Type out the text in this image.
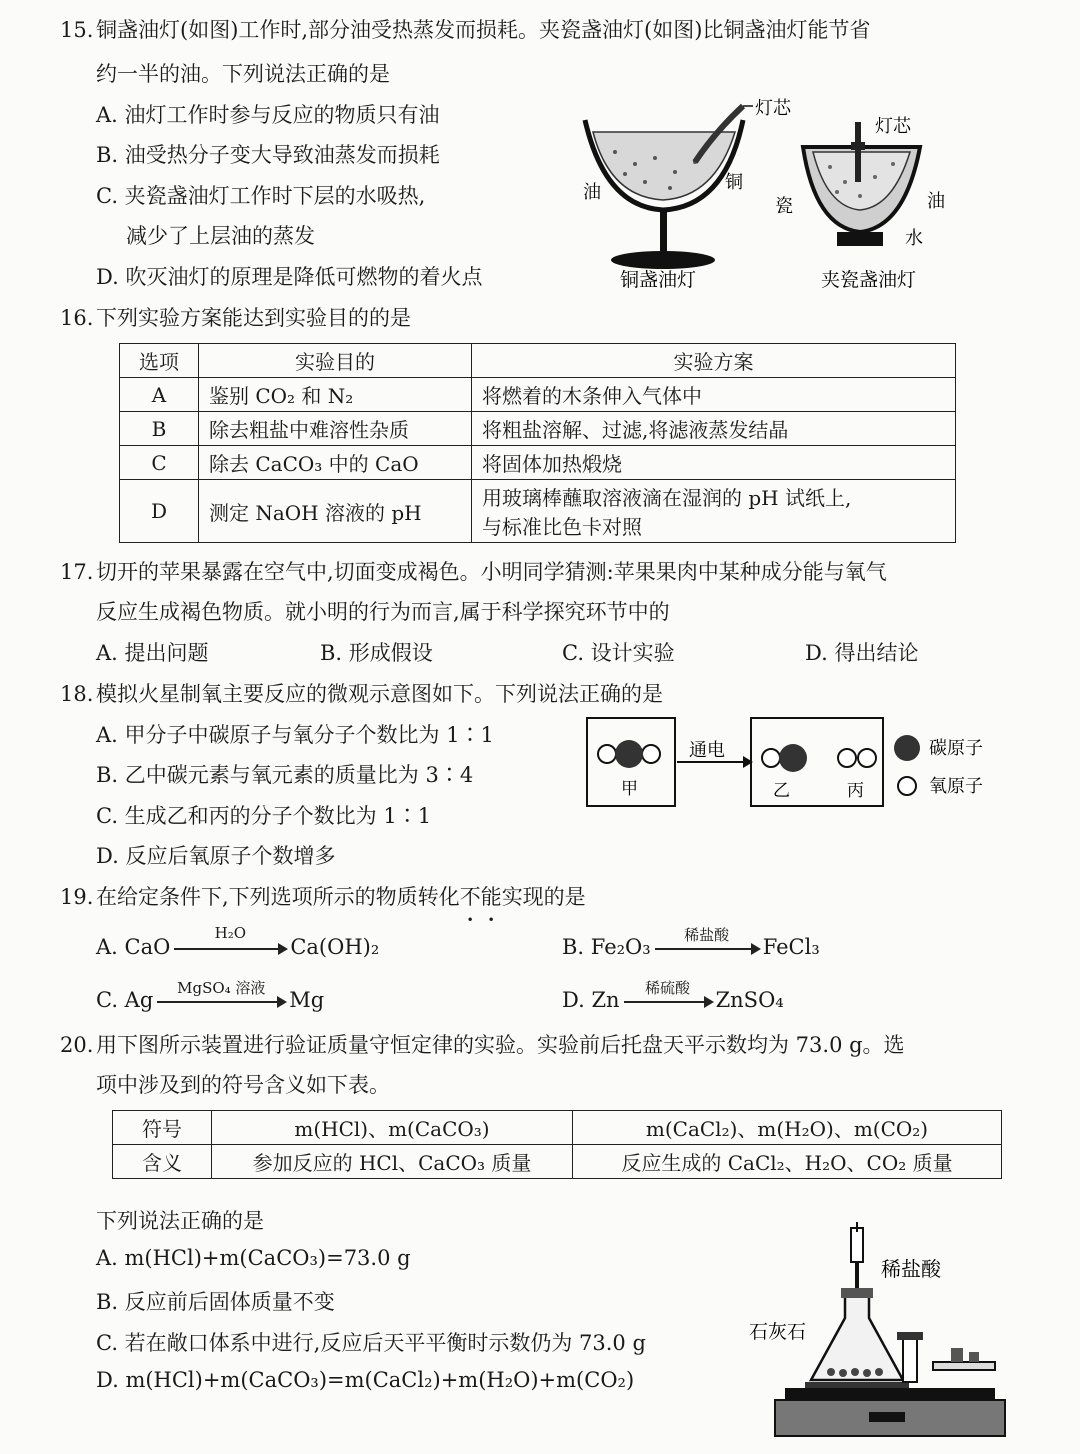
15. 铜盏油灯(如图)工作时,部分油受热蒸发而损耗。夹瓷盏油灯(如图)比铜盏油灯能节省
约一半的油。下列说法正确的是
A. 油灯工作时参与反应的物质只有油
B. 油受热分子变大导致油蒸发而损耗
C. 夹瓷盏油灯工作时下层的水吸热,
减少了上层油的蒸发
D. 吹灭油灯的原理是降低可燃物的着火点
灯芯
油	铜
铜盏油灯
灯芯
瓷	油
水
夹瓷盏油灯
16. 下列实验方案能达到实验目的的是
选项	实验目的	实验方案
A	鉴别 CO₂ 和 N₂	将燃着的木条伸入气体中
B	除去粗盐中难溶性杂质	将粗盐溶解、过滤,将滤液蒸发结晶
C	除去 CaCO₃ 中的 CaO	将固体加热煅烧
D	测定 NaOH 溶液的 pH	用玻璃棒蘸取溶液滴在湿润的 pH 试纸上,
与标准比色卡对照
17. 切开的苹果暴露在空气中,切面变成褐色。小明同学猜测:苹果果肉中某种成分能与氧气
反应生成褐色物质。就小明的行为而言,属于科学探究环节中的
A. 提出问题	B. 形成假设	C. 设计实验	D. 得出结论
18. 模拟火星制氧主要反应的微观示意图如下。下列说法正确的是
A. 甲分子中碳原子与氧分子个数比为 1∶1
B. 乙中碳元素与氧元素的质量比为 3∶4
C. 生成乙和丙的分子个数比为 1∶1
D. 反应后氧原子个数增多
甲
通电
乙	丙
碳原子
氧原子
19. 在给定条件下,下列选项所示的物质转化不能实现的是
A. CaO
H₂O
Ca(OH)₂	B. Fe₂O₃
稀盐酸
FeCl₃
C. Ag
MgSO₄ 溶液
Mg	D. Zn
稀硫酸
ZnSO₄
20. 用下图所示装置进行验证质量守恒定律的实验。实验前后托盘天平示数均为 73.0 g。选
项中涉及到的符号含义如下表。
符号	m(HCl)、m(CaCO₃)	m(CaCl₂)、m(H₂O)、m(CO₂)
含义	参加反应的 HCl、CaCO₃ 质量	反应生成的 CaCl₂、H₂O、CO₂ 质量
下列说法正确的是
A. m(HCl)+m(CaCO₃)=73.0 g
B. 反应前后固体质量不变
C. 若在敞口体系中进行,反应后天平平衡时示数仍为 73.0 g
D. m(HCl)+m(CaCO₃)=m(CaCl₂)+m(H₂O)+m(CO₂)
稀盐酸
石灰石
